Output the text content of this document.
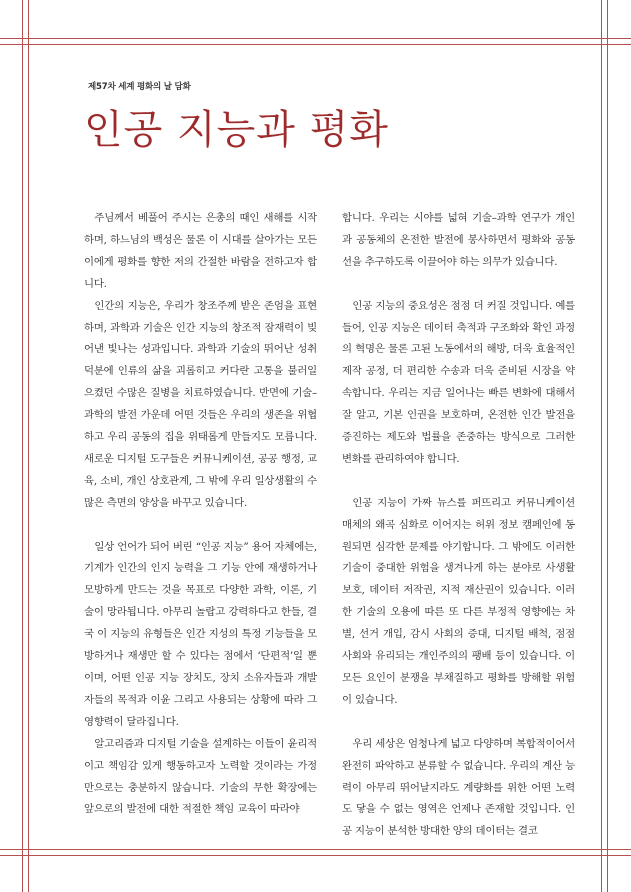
제57차 세계 평화의 날 담화
인공 지능과 평화

주님께서 베풀어 주시는 은총의 때인 새해를 시작하며, 하느님의 백성은 물론 이 시대를 살아가는 모든 이에게 평화를 향한 저의 간절한 바람을 전하고자 합니다.

인간의 지능은, 우리가 창조주께 받은 존엄을 표현하며, 과학과 기술은 인간 지능의 창조적 잠재력이 빚어낸 빛나는 성과입니다. 과학과 기술의 뛰어난 성취 덕분에 인류의 삶을 괴롭히고 커다란 고통을 불러일으켰던 수많은 질병을 치료하였습니다. 반면에 기술–과학의 발전 가운데 어떤 것들은 우리의 생존을 위협하고 우리 공동의 집을 위태롭게 만들지도 모릅니다. 새로운 디지털 도구들은 커뮤니케이션, 공공 행정, 교육, 소비, 개인 상호관계, 그 밖에 우리 일상생활의 수많은 측면의 양상을 바꾸고 있습니다.

일상 언어가 되어 버린 “인공 지능” 용어 자체에는, 기계가 인간의 인지 능력을 그 기능 안에 재생하거나 모방하게 만드는 것을 목표로 다양한 과학, 이론, 기술이 망라됩니다. 아무리 놀랍고 강력하다고 한들, 결국 이 지능의 유형들은 인간 지성의 특정 기능들을 모방하거나 재생만 할 수 있다는 점에서 ‘단편적’일 뿐이며, 어떤 인공 지능 장치도, 장치 소유자들과 개발자들의 목적과 이윤 그리고 사용되는 상황에 따라 그 영향력이 달라집니다.

알고리즘과 디지털 기술을 설계하는 이들이 윤리적이고 책임감 있게 행동하고자 노력할 것이라는 가정만으로는 충분하지 않습니다. 기술의 무한 확장에는 앞으로의 발전에 대한 적절한 책임 교육이 따라야

합니다. 우리는 시야를 넓혀 기술–과학 연구가 개인과 공동체의 온전한 발전에 봉사하면서 평화와 공동선을 추구하도록 이끌어야 하는 의무가 있습니다.

인공 지능의 중요성은 점점 더 커질 것입니다. 예를 들어, 인공 지능은 데이터 축적과 구조화와 확인 과정의 혁명은 물론 고된 노동에서의 해방, 더욱 효율적인 제작 공정, 더 편리한 수송과 더욱 준비된 시장을 약속합니다. 우리는 지금 일어나는 빠른 변화에 대해서 잘 알고, 기본 인권을 보호하며, 온전한 인간 발전을 증진하는 제도와 법률을 존중하는 방식으로 그러한 변화를 관리하여야 합니다.

인공 지능이 가짜 뉴스를 퍼뜨리고 커뮤니케이션 매체의 왜곡 심화로 이어지는 허위 정보 캠페인에 동원되면 심각한 문제를 야기합니다. 그 밖에도 이러한 기술이 중대한 위험을 생겨나게 하는 분야로 사생활 보호, 데이터 저작권, 지적 재산권이 있습니다. 이러한 기술의 오용에 따른 또 다른 부정적 영향에는 차별, 선거 개입, 감시 사회의 증대, 디지털 배척, 점점 사회와 유리되는 개인주의의 팽배 등이 있습니다. 이 모든 요인이 분쟁을 부채질하고 평화를 방해할 위험이 있습니다.

우리 세상은 엄청나게 넓고 다양하며 복합적이어서 완전히 파악하고 분류할 수 없습니다. 우리의 계산 능력이 아무리 뛰어날지라도 계량화를 위한 어떤 노력도 닿을 수 없는 영역은 언제나 존재할 것입니다. 인공 지능이 분석한 방대한 양의 데이터는 결코
